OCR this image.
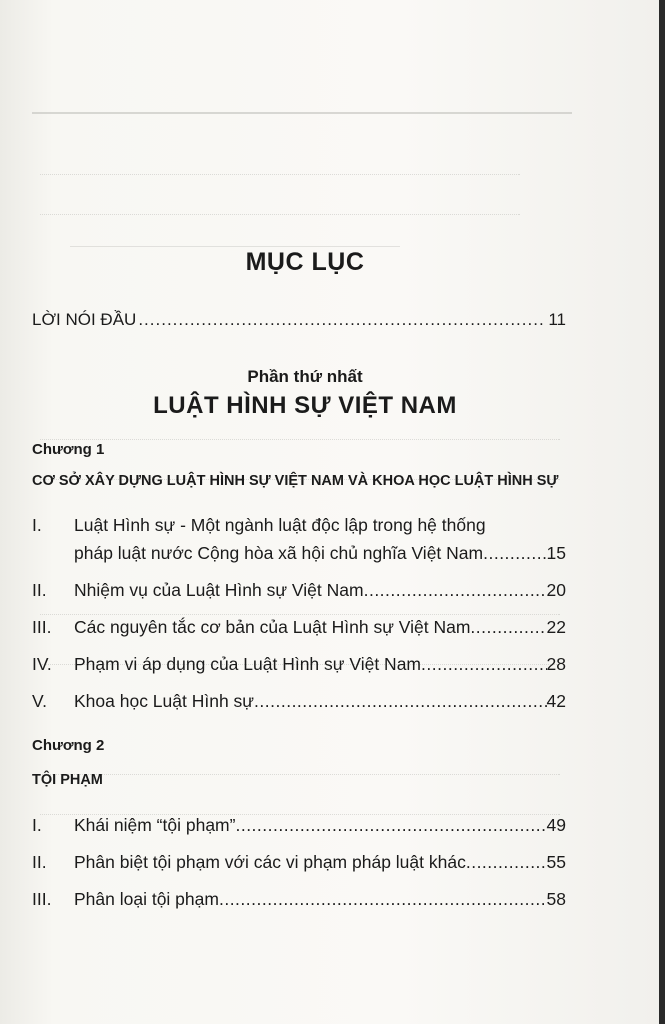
MỤC LỤC
LỜI NÓI ĐẦU .....	11
Phần thứ nhất
LUẬT HÌNH SỰ VIỆT NAM
Chương 1
CƠ SỞ XÂY DỰNG LUẬT HÌNH SỰ VIỆT NAM VÀ KHOA HỌC LUẬT HÌNH SỰ
I. Luật Hình sự - Một ngành luật độc lập trong hệ thống
pháp luật nước Cộng hòa xã hội chủ nghĩa Việt Nam .....	15
II. Nhiệm vụ của Luật Hình sự Việt Nam .....	20
III. Các nguyên tắc cơ bản của Luật Hình sự Việt Nam .....	22
IV. Phạm vi áp dụng của Luật Hình sự Việt Nam .....	28
V. Khoa học Luật Hình sự .....	42
Chương 2
TỘI PHẠM
I. Khái niệm “tội phạm” .....	49
II. Phân biệt tội phạm với các vi phạm pháp luật khác .....	55
III. Phân loại tội phạm .....	58
